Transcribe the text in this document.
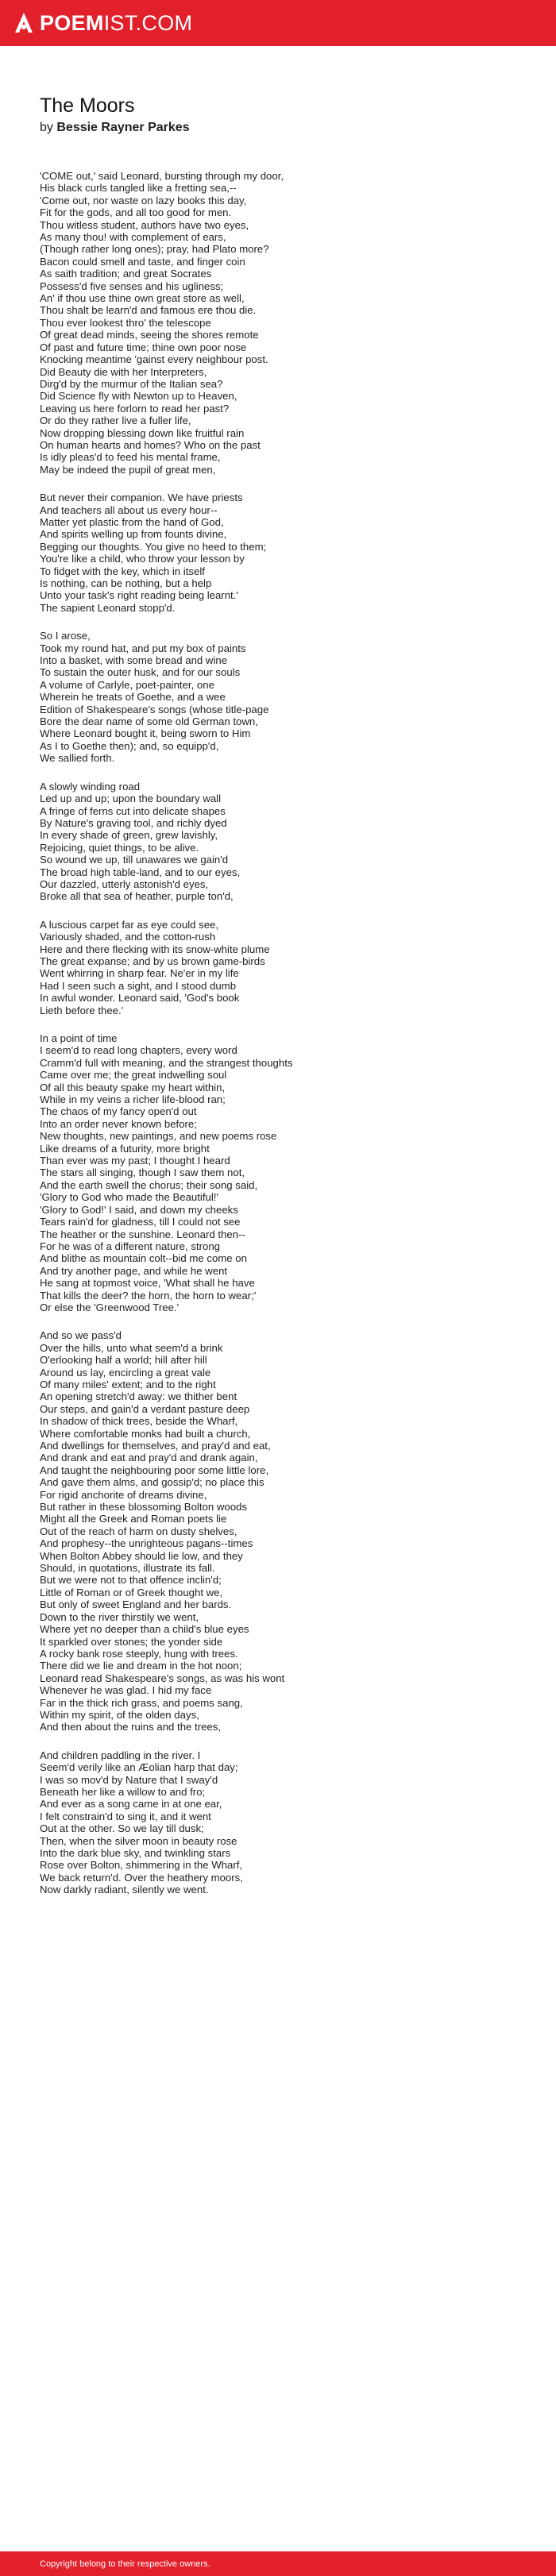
POEMIST.COM
The Moors
by Bessie Rayner Parkes
'COME out,' said Leonard, bursting through my door,
His black curls tangled like a fretting sea,--
'Come out, nor waste on lazy books this day,
Fit for the gods, and all too good for men.
Thou witless student, authors have two eyes,
As many thou! with complement of ears,
(Though rather long ones); pray, had Plato more?
Bacon could smell and taste, and finger coin
As saith tradition; and great Socrates
Possess'd five senses and his ugliness;
An' if thou use thine own great store as well,
Thou shalt be learn'd and famous ere thou die.
Thou ever lookest thro' the telescope
Of great dead minds, seeing the shores remote
Of past and future time; thine own poor nose
Knocking meantime 'gainst every neighbour post.
Did Beauty die with her Interpreters,
Dirg'd by the murmur of the Italian sea?
Did Science fly with Newton up to Heaven,
Leaving us here forlorn to read her past?
Or do they rather live a fuller life,
Now dropping blessing down like fruitful rain
On human hearts and homes? Who on the past
Is idly pleas'd to feed his mental frame,
May be indeed the pupil of great men,
But never their companion. We have priests
And teachers all about us every hour--
Matter yet plastic from the hand of God,
And spirits welling up from founts divine,
Begging our thoughts. You give no heed to them;
You're like a child, who throw your lesson by
To fidget with the key, which in itself
Is nothing, can be nothing, but a help
Unto your task's right reading being learnt.'
The sapient Leonard stopp'd.
So I arose,
Took my round hat, and put my box of paints
Into a basket, with some bread and wine
To sustain the outer husk, and for our souls
A volume of Carlyle, poet-painter, one
Wherein he treats of Goethe, and a wee
Edition of Shakespeare's songs (whose title-page
Bore the dear name of some old German town,
Where Leonard bought it, being sworn to Him
As I to Goethe then); and, so equipp'd,
We sallied forth.
A slowly winding road
Led up and up; upon the boundary wall
A fringe of ferns cut into delicate shapes
By Nature's graving tool, and richly dyed
In every shade of green, grew lavishly,
Rejoicing, quiet things, to be alive.
So wound we up, till unawares we gain'd
The broad high table-land, and to our eyes,
Our dazzled, utterly astonish'd eyes,
Broke all that sea of heather, purple ton'd,
A luscious carpet far as eye could see,
Variously shaded, and the cotton-rush
Here and there flecking with its snow-white plume
The great expanse; and by us brown game-birds
Went whirring in sharp fear. Ne'er in my life
Had I seen such a sight, and I stood dumb
In awful wonder. Leonard said, 'God's book
Lieth before thee.'
In a point of time
I seem'd to read long chapters, every word
Cramm'd full with meaning, and the strangest thoughts
Came over me; the great indwelling soul
Of all this beauty spake my heart within,
While in my veins a richer life-blood ran;
The chaos of my fancy open'd out
Into an order never known before;
New thoughts, new paintings, and new poems rose
Like dreams of a futurity, more bright
Than ever was my past; I thought I heard
The stars all singing, though I saw them not,
And the earth swell the chorus; their song said,
'Glory to God who made the Beautiful!'
'Glory to God!' I said, and down my cheeks
Tears rain'd for gladness, till I could not see
The heather or the sunshine. Leonard then--
For he was of a different nature, strong
And blithe as mountain colt--bid me come on
And try another page, and while he went
He sang at topmost voice, 'What shall he have
That kills the deer? the horn, the horn to wear;'
Or else the 'Greenwood Tree.'
And so we pass'd
Over the hills, unto what seem'd a brink
O'erlooking half a world; hill after hill
Around us lay, encircling a great vale
Of many miles' extent; and to the right
An opening stretch'd away: we thither bent
Our steps, and gain'd a verdant pasture deep
In shadow of thick trees, beside the Wharf,
Where comfortable monks had built a church,
And dwellings for themselves, and pray'd and eat,
And drank and eat and pray'd and drank again,
And taught the neighbouring poor some little lore,
And gave them alms, and gossip'd; no place this
For rigid anchorite of dreams divine,
But rather in these blossoming Bolton woods
Might all the Greek and Roman poets lie
Out of the reach of harm on dusty shelves,
And prophesy--the unrighteous pagans--times
When Bolton Abbey should lie low, and they
Should, in quotations, illustrate its fall.
But we were not to that offence inclin'd;
Little of Roman or of Greek thought we,
But only of sweet England and her bards.
Down to the river thirstily we went,
Where yet no deeper than a child's blue eyes
It sparkled over stones; the yonder side
A rocky bank rose steeply, hung with trees.
There did we lie and dream in the hot noon;
Leonard read Shakespeare's songs, as was his wont
Whenever he was glad. I hid my face
Far in the thick rich grass, and poems sang,
Within my spirit, of the olden days,
And then about the ruins and the trees,
And children paddling in the river. I
Seem'd verily like an Æolian harp that day;
I was so mov'd by Nature that I sway'd
Beneath her like a willow to and fro;
And ever as a song came in at one ear,
I felt constrain'd to sing it, and it went
Out at the other. So we lay till dusk;
Then, when the silver moon in beauty rose
Into the dark blue sky, and twinkling stars
Rose over Bolton, shimmering in the Wharf,
We back return'd. Over the heathery moors,
Now darkly radiant, silently we went.
Copyright belong to their respective owners.
